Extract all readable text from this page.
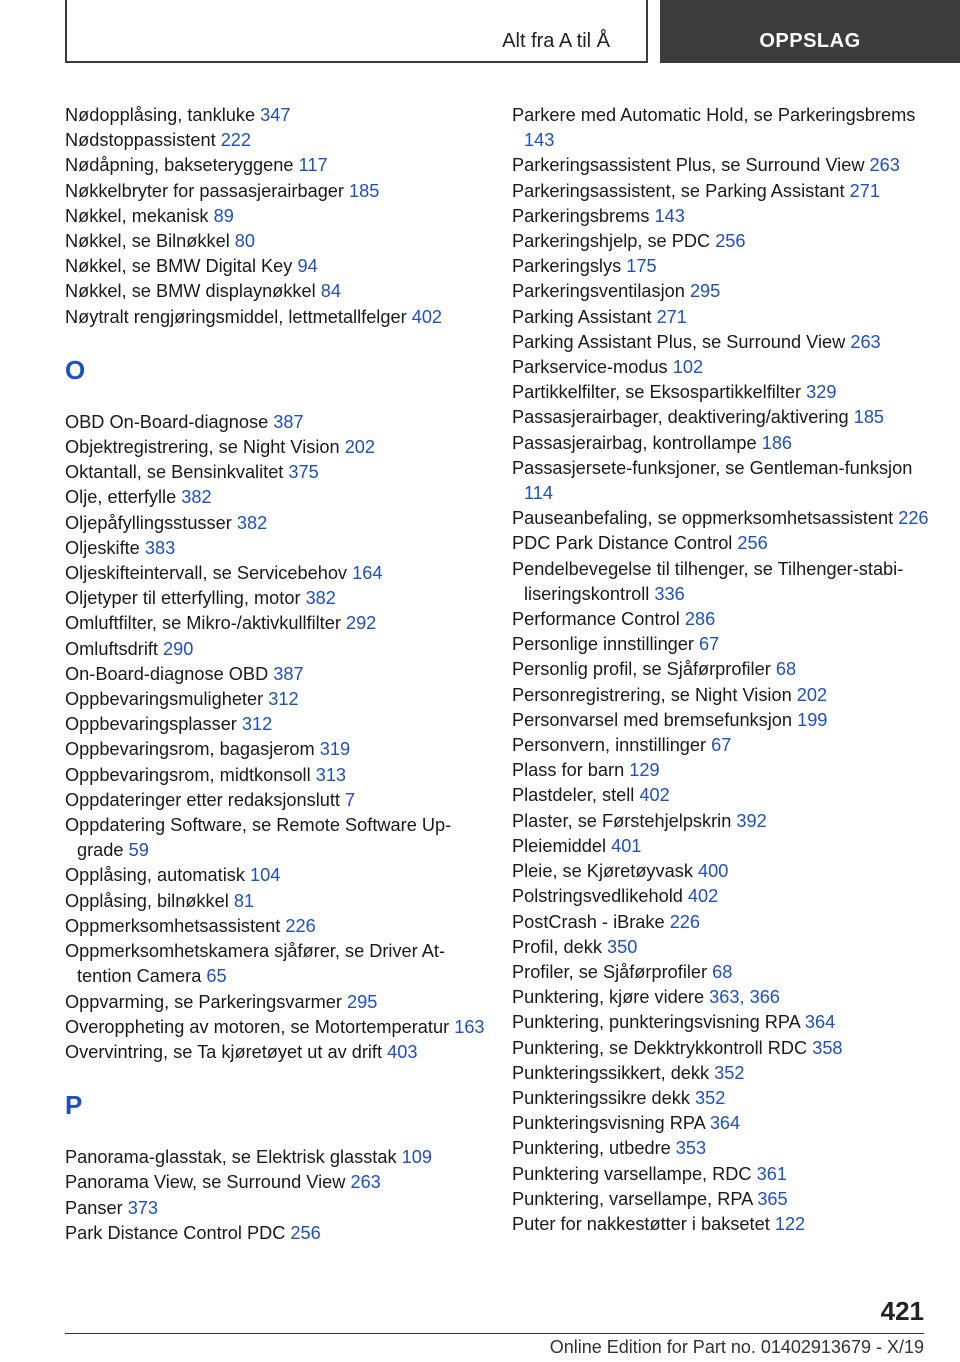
Alt fra A til Å	OPPSLAG
Nødopplåsing, tankluke 347
Nødstoppassistent 222
Nødåpning, bakseteryggene 117
Nøkkelbryter for passasjerairbager 185
Nøkkel, mekanisk 89
Nøkkel, se Bilnøkkel 80
Nøkkel, se BMW Digital Key 94
Nøkkel, se BMW displaynøkkel 84
Nøytralt rengjøringsmiddel, lettmetallfelger 402
O
OBD On-Board-diagnose 387
Objektregistrering, se Night Vision 202
Oktantall, se Bensinkvalitet 375
Olje, etterfylle 382
Oljepåfyllingsstusser 382
Oljeskifte 383
Oljeskifteintervall, se Servicebehov 164
Oljetyper til etterfylling, motor 382
Omluftfilter, se Mikro-/aktivkullfilter 292
Omluftsdrift 290
On-Board-diagnose OBD 387
Oppbevaringsmuligheter 312
Oppbevaringsplasser 312
Oppbevaringsrom, bagasjerom 319
Oppbevaringsrom, midtkonsoll 313
Oppdateringer etter redaksjonslutt 7
Oppdatering Software, se Remote Software Upgrade 59
Opplåsing, automatisk 104
Opplåsing, bilnøkkel 81
Oppmerksomhetsassistent 226
Oppmerksomhetskamera sjåfører, se Driver Attention Camera 65
Oppvarming, se Parkeringsvarmer 295
Overoppheting av motoren, se Motortemperatur 163
Overvintring, se Ta kjøretøyet ut av drift 403
P
Panorama-glasstak, se Elektrisk glasstak 109
Panorama View, se Surround View 263
Panser 373
Park Distance Control PDC 256
Parkere med Automatic Hold, se Parkeringsbrems 143
Parkeringsassistent Plus, se Surround View 263
Parkeringsassistent, se Parking Assistant 271
Parkeringsbrems 143
Parkeringshjelp, se PDC 256
Parkeringslys 175
Parkeringsventilasjon 295
Parking Assistant 271
Parking Assistant Plus, se Surround View 263
Parkservice-modus 102
Partikkelfilter, se Eksospartikkelfilter 329
Passasjerairbager, deaktivering/aktivering 185
Passasjerairbag, kontrollampe 186
Passasjersete-funksjoner, se Gentleman-funksjon 114
Pauseanbefaling, se oppmerksomhetsassistent 226
PDC Park Distance Control 256
Pendelbevegelse til tilhenger, se Tilhenger-stabiliseringskontroll 336
Performance Control 286
Personlige innstillinger 67
Personlig profil, se Sjåførprofiler 68
Personregistrering, se Night Vision 202
Personvarsel med bremsefunksjon 199
Personvern, innstillinger 67
Plass for barn 129
Plastdeler, stell 402
Plaster, se Førstehjelpskrin 392
Pleiemiddel 401
Pleie, se Kjøretøyvask 400
Polstringsvedlikehold 402
PostCrash - iBrake 226
Profil, dekk 350
Profiler, se Sjåførprofiler 68
Punktering, kjøre videre 363, 366
Punktering, punkteringsvisning RPA 364
Punktering, se Dekktrykkontroll RDC 358
Punkteringssikkert, dekk 352
Punkteringssikre dekk 352
Punkteringsvisning RPA 364
Punktering, utbedre 353
Punktering varsellampe, RDC 361
Punktering, varsellampe, RPA 365
Puter for nakkestøtter i baksetet 122
421
Online Edition for Part no. 01402913679 - X/19
